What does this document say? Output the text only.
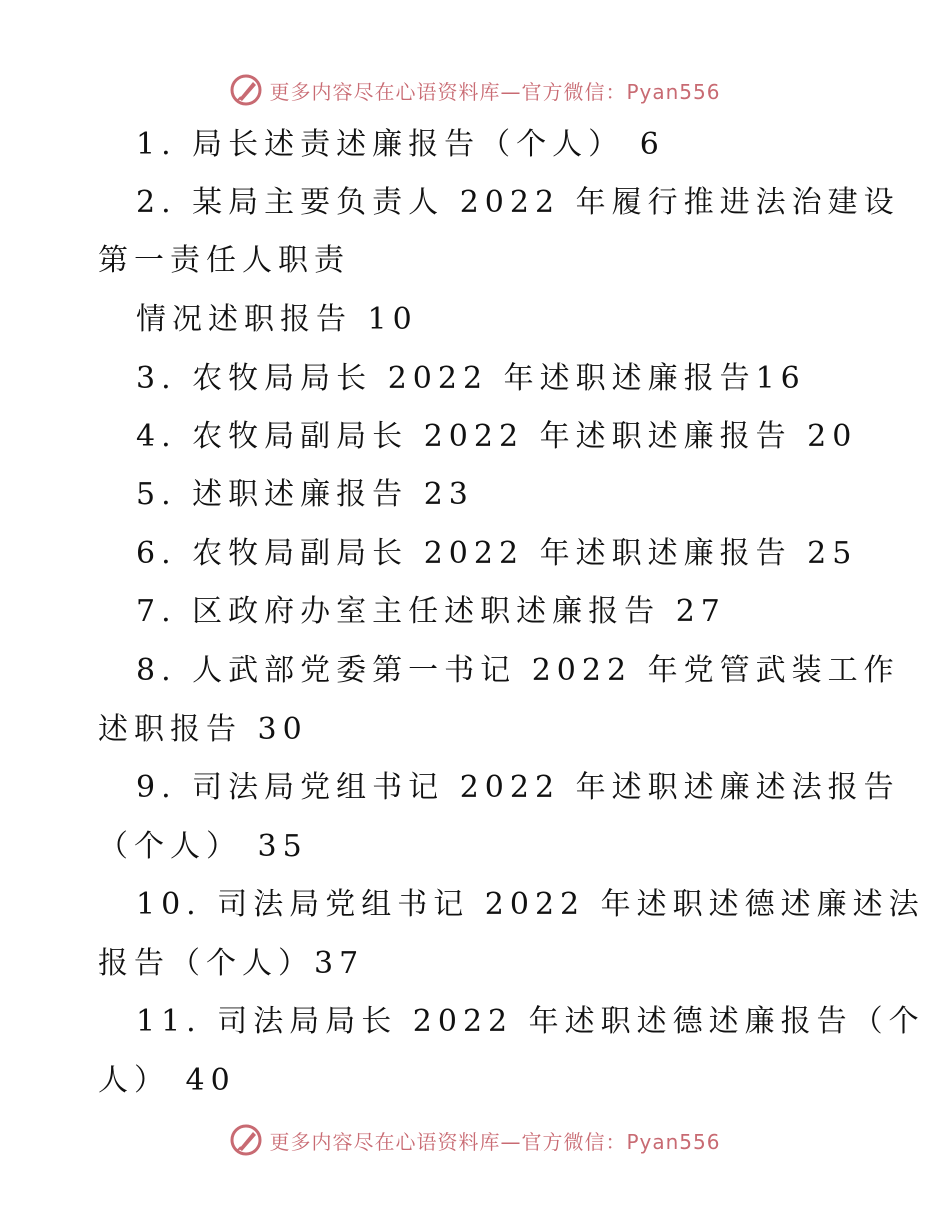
更多内容尽在心语资料库—官方微信：Pyan556
1. 局长述责述廉报告（个人） 6
2. 某局主要负责人 2022 年履行推进法治建设
第一责任人职责
情况述职报告 10
3. 农牧局局长 2022 年述职述廉报告16
4. 农牧局副局长 2022 年述职述廉报告 20
5. 述职述廉报告 23
6. 农牧局副局长 2022 年述职述廉报告 25
7. 区政府办室主任述职述廉报告 27
8. 人武部党委第一书记 2022 年党管武装工作
述职报告 30
9. 司法局党组书记 2022 年述职述廉述法报告
（个人） 35
10. 司法局党组书记 2022 年述职述德述廉述法
报告（个人）37
11. 司法局局长 2022 年述职述德述廉报告（个
人） 40
更多内容尽在心语资料库—官方微信：Pyan556
